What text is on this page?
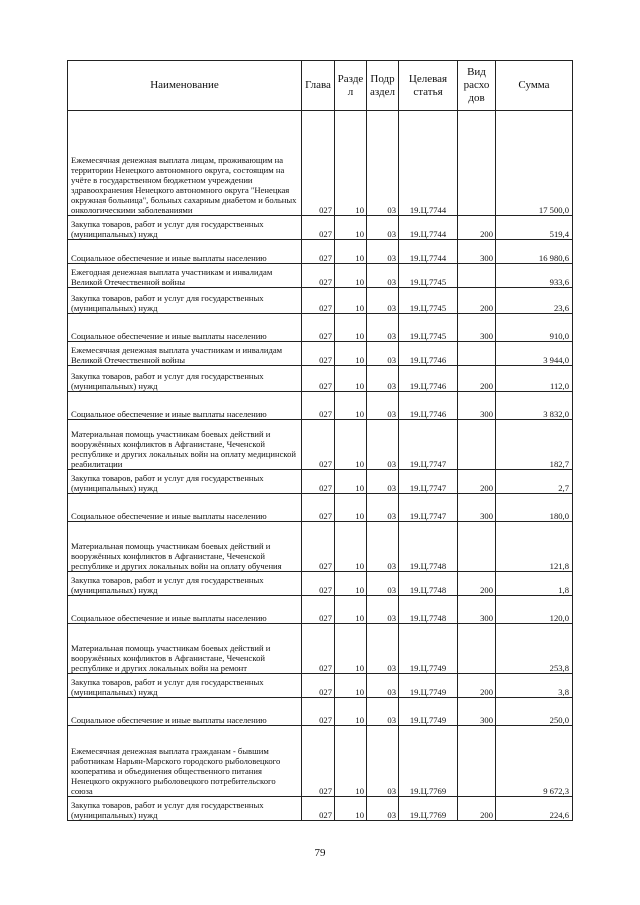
Наименование	Глава	Разде л	Подр аздел	Целевая статья	Вид расхо дов	Сумма
Ежемесячная денежная выплата лицам, проживающим на территории Ненецкого автономного округа, состоящим на учёте в государственном бюджетном учреждении здравоохранения Ненецкого автономного округа "Ненецкая окружная больница", больных сахарным диабетом и больных онкологическими заболеваниями	027	10	03	19.Ц.7744		17 500,0
Закупка товаров, работ и услуг для государственных (муниципальных) нужд	027	10	03	19.Ц.7744	200	519,4
Социальное обеспечение и иные выплаты населению	027	10	03	19.Ц.7744	300	16 980,6
Ежегодная денежная выплата участникам и инвалидам Великой Отечественной войны	027	10	03	19.Ц.7745		933,6
Закупка товаров, работ и услуг для государственных (муниципальных) нужд	027	10	03	19.Ц.7745	200	23,6
Социальное обеспечение и иные выплаты населению	027	10	03	19.Ц.7745	300	910,0
Ежемесячная денежная выплата участникам и инвалидам Великой Отечественной войны	027	10	03	19.Ц.7746		3 944,0
Закупка товаров, работ и услуг для государственных (муниципальных) нужд	027	10	03	19.Ц.7746	200	112,0
Социальное обеспечение и иные выплаты населению	027	10	03	19.Ц.7746	300	3 832,0
Материальная помощь участникам боевых действий и вооружённых конфликтов в Афганистане, Чеченской республике и других локальных войн на оплату медицинской реабилитации	027	10	03	19.Ц.7747		182,7
Закупка товаров, работ и услуг для государственных (муниципальных) нужд	027	10	03	19.Ц.7747	200	2,7
Социальное обеспечение и иные выплаты населению	027	10	03	19.Ц.7747	300	180,0
Материальная помощь участникам боевых действий и вооружённых конфликтов в Афганистане, Чеченской республике и других локальных войн на оплату обучения	027	10	03	19.Ц.7748		121,8
Закупка товаров, работ и услуг для государственных (муниципальных) нужд	027	10	03	19.Ц.7748	200	1,8
Социальное обеспечение и иные выплаты населению	027	10	03	19.Ц.7748	300	120,0
Материальная помощь участникам боевых действий и вооружённых конфликтов в Афганистане, Чеченской республике и других локальных войн на ремонт	027	10	03	19.Ц.7749		253,8
Закупка товаров, работ и услуг для государственных (муниципальных) нужд	027	10	03	19.Ц.7749	200	3,8
Социальное обеспечение и иные выплаты населению	027	10	03	19.Ц.7749	300	250,0
Ежемесячная денежная выплата гражданам - бывшим работникам Нарьян-Марского городского рыболовецкого кооператива и объединения общественного питания Ненецкого окружного рыболовецкого потребительского союза	027	10	03	19.Ц.7769		9 672,3
Закупка товаров, работ и услуг для государственных (муниципальных) нужд	027	10	03	19.Ц.7769	200	224,6
79
